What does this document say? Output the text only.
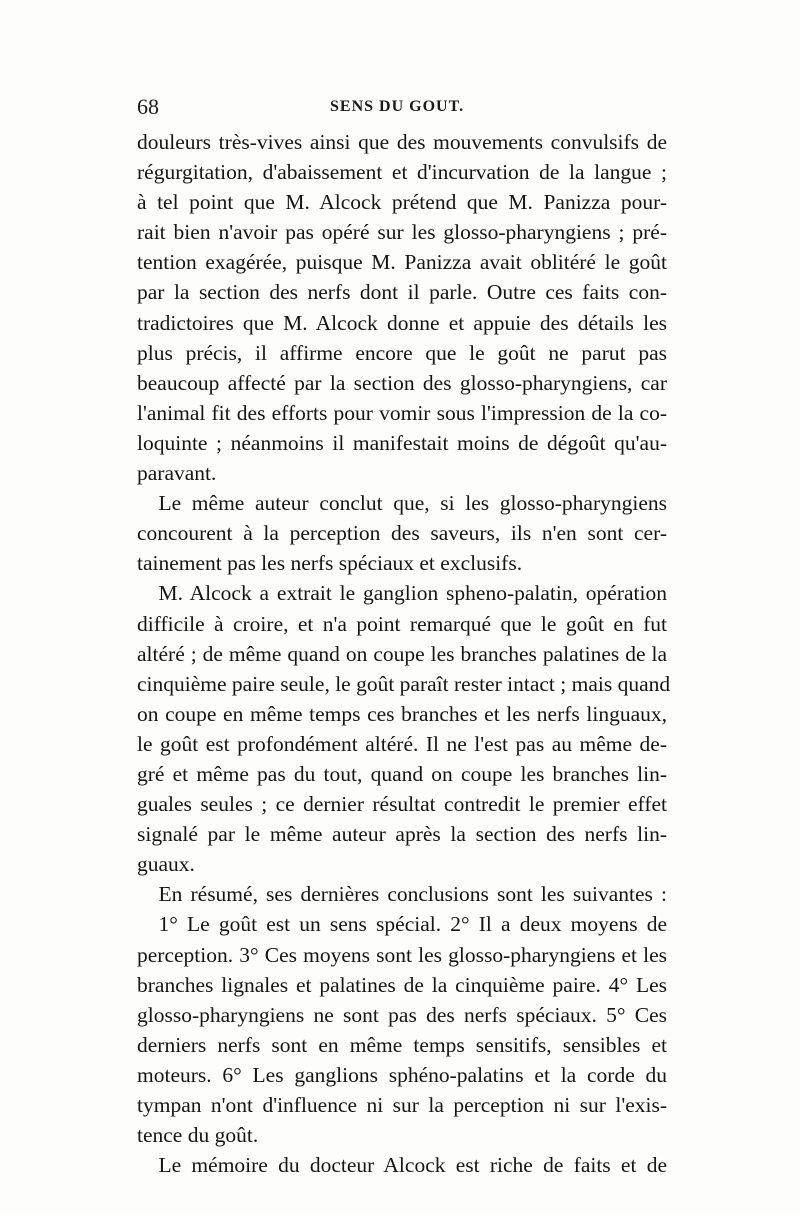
68	SENS DU GOUT.
douleurs très-vives ainsi que des mouvements convulsifs de
régurgitation, d'abaissement et d'incurvation de la langue ;
à tel point que M. Alcock prétend que M. Panizza pour-
rait bien n'avoir pas opéré sur les glosso-pharyngiens ; pré-
tention exagérée, puisque M. Panizza avait oblitéré le goût
par la section des nerfs dont il parle. Outre ces faits con-
tradictoires que M. Alcock donne et appuie des détails les
plus précis, il affirme encore que le goût ne parut pas
beaucoup affecté par la section des glosso-pharyngiens, car
l'animal fit des efforts pour vomir sous l'impression de la co-
loquinte ; néanmoins il manifestait moins de dégoût qu'au-
paravant.
Le même auteur conclut que, si les glosso-pharyngiens
concourent à la perception des saveurs, ils n'en sont cer-
tainement pas les nerfs spéciaux et exclusifs.
M. Alcock a extrait le ganglion spheno-palatin, opération
difficile à croire, et n'a point remarqué que le goût en fut
altéré ; de même quand on coupe les branches palatines de la
cinquième paire seule, le goût paraît rester intact ; mais quand
on coupe en même temps ces branches et les nerfs linguaux,
le goût est profondément altéré. Il ne l'est pas au même de-
gré et même pas du tout, quand on coupe les branches lin-
guales seules ; ce dernier résultat contredit le premier effet
signalé par le même auteur après la section des nerfs lin-
guaux.
En résumé, ses dernières conclusions sont les suivantes :
1° Le goût est un sens spécial. 2° Il a deux moyens de
perception. 3° Ces moyens sont les glosso-pharyngiens et les
branches lignales et palatines de la cinquième paire. 4° Les
glosso-pharyngiens ne sont pas des nerfs spéciaux. 5° Ces
derniers nerfs sont en même temps sensitifs, sensibles et
moteurs. 6° Les ganglions sphéno-palatins et la corde du
tympan n'ont d'influence ni sur la perception ni sur l'exis-
tence du goût.
Le mémoire du docteur Alcock est riche de faits et de
